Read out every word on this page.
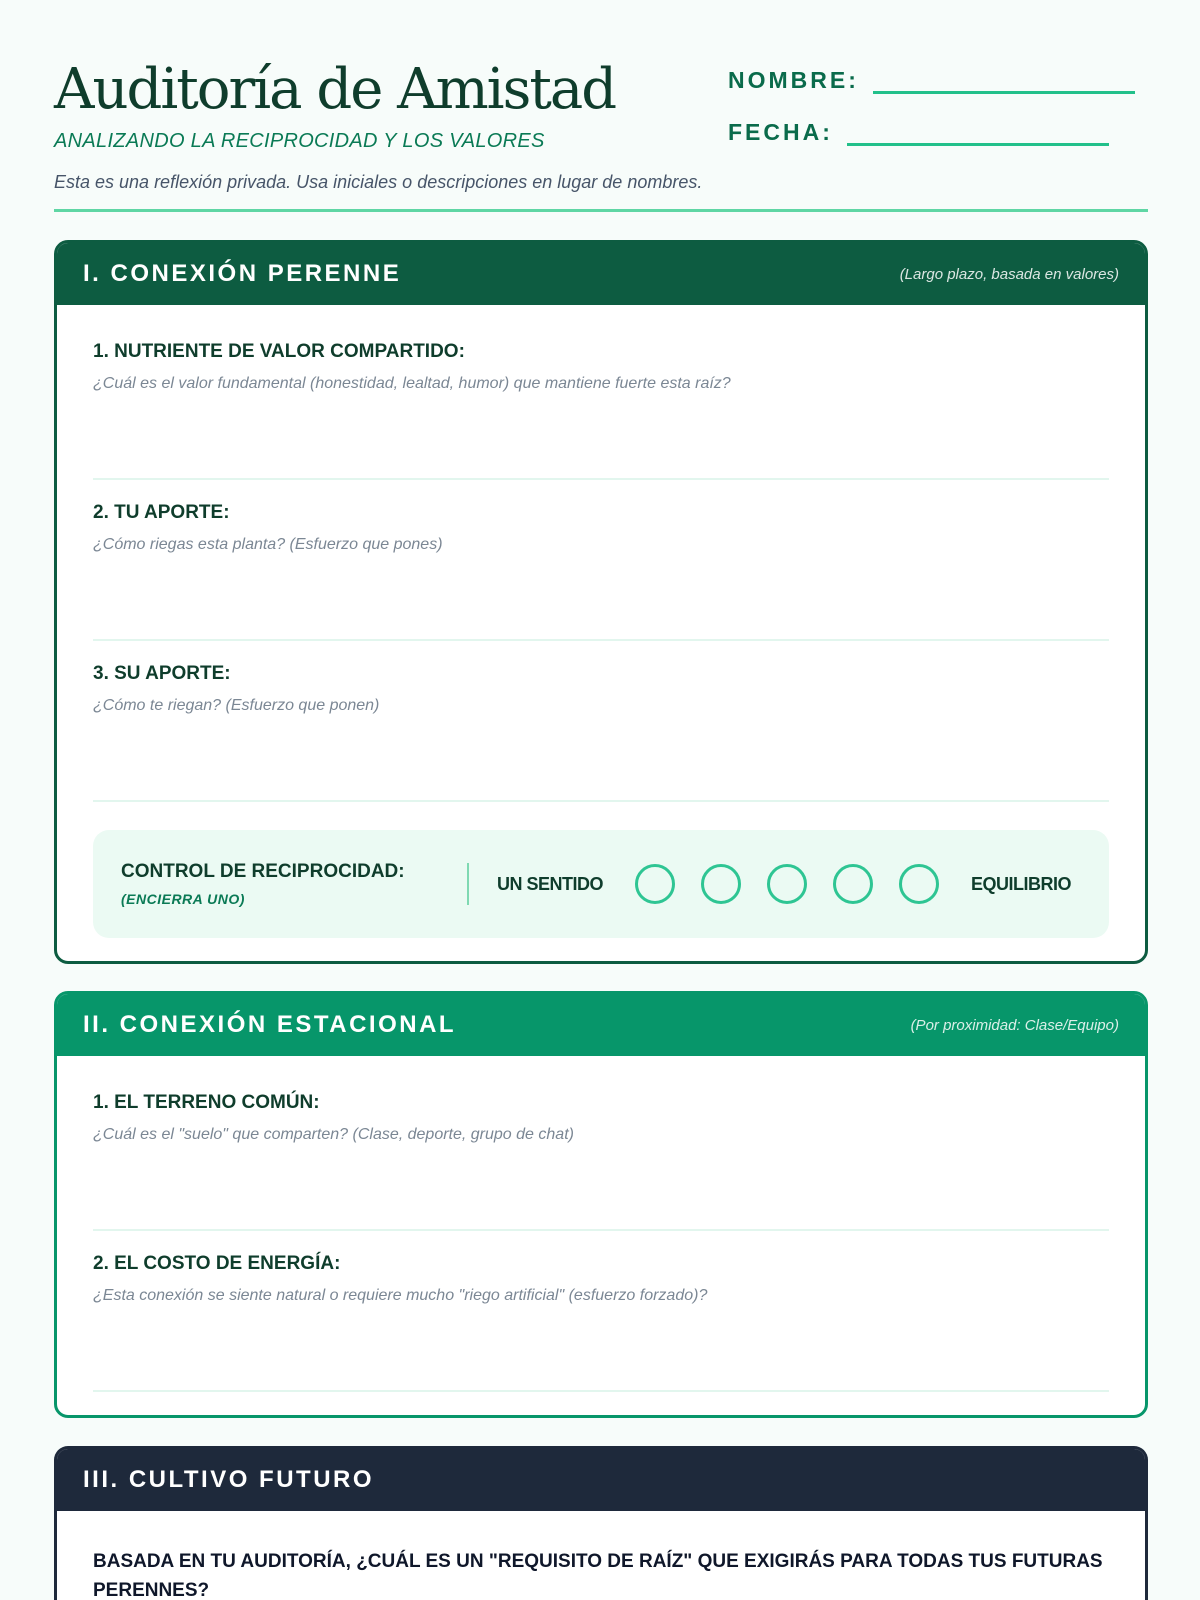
Auditoría de Amistad
ANALIZANDO LA RECIPROCIDAD Y LOS VALORES
Esta es una reflexión privada. Usa iniciales o descripciones en lugar de nombres.
NOMBRE:
FECHA:
I. CONEXIÓN PERENNE	(Largo plazo, basada en valores)
1. NUTRIENTE DE VALOR COMPARTIDO:
¿Cuál es el valor fundamental (honestidad, lealtad, humor) que mantiene fuerte esta raíz?
2. TU APORTE:
¿Cómo riegas esta planta? (Esfuerzo que pones)
3. SU APORTE:
¿Cómo te riegan? (Esfuerzo que ponen)
CONTROL DE RECIPROCIDAD:
(ENCIERRA UNO)
UN SENTIDO	EQUILIBRIO
II. CONEXIÓN ESTACIONAL	(Por proximidad: Clase/Equipo)
1. EL TERRENO COMÚN:
¿Cuál es el "suelo" que comparten? (Clase, deporte, grupo de chat)
2. EL COSTO DE ENERGÍA:
¿Esta conexión se siente natural o requiere mucho "riego artificial" (esfuerzo forzado)?
III. CULTIVO FUTURO
BASADA EN TU AUDITORÍA, ¿CUÁL ES UN "REQUISITO DE RAÍZ" QUE EXIGIRÁS PARA TODAS TUS FUTURAS PERENNES?
